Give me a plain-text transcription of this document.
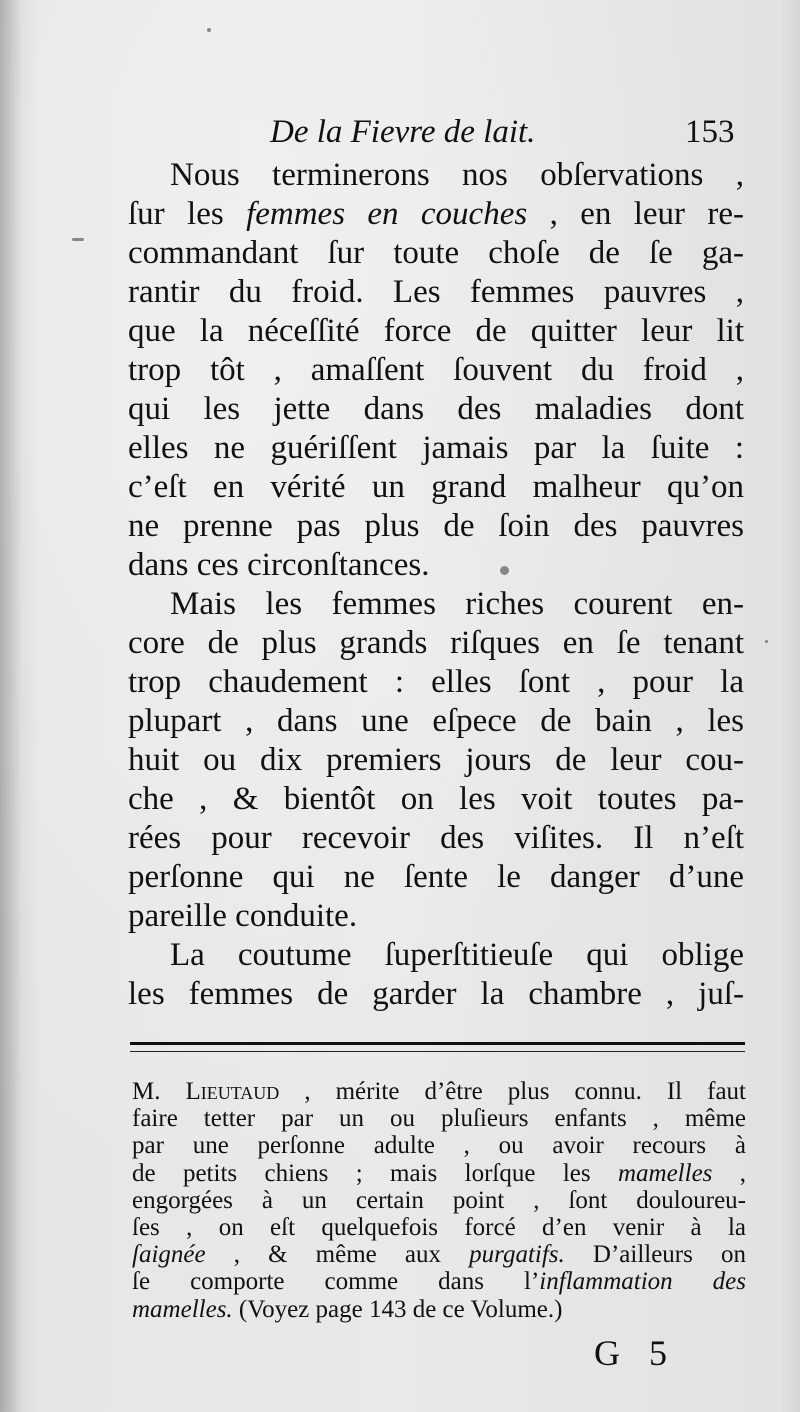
De la Fievre de lait.	153
Nous terminerons nos obſervations ,
ſur les femmes en couches , en leur re-
commandant ſur toute choſe de ſe ga-
rantir du froid. Les femmes pauvres ,
que la néceſſité force de quitter leur lit
trop tôt , amaſſent ſouvent du froid ,
qui les jette dans des maladies dont
elles ne guériſſent jamais par la ſuite :
c’eſt en vérité un grand malheur qu’on
ne prenne pas plus de ſoin des pauvres
dans ces circonſtances.
Mais les femmes riches courent en-
core de plus grands riſques en ſe tenant
trop chaudement : elles ſont , pour la
plupart , dans une eſpece de bain , les
huit ou dix premiers jours de leur cou-
che , & bientôt on les voit toutes pa-
rées pour recevoir des viſites. Il n’eſt
perſonne qui ne ſente le danger d’une
pareille conduite.
La coutume ſuperſtitieuſe qui oblige
les femmes de garder la chambre , juſ-
M. Lieutaud , mérite d’être plus connu. Il faut
faire tetter par un ou pluſieurs enfants , même
par une perſonne adulte , ou avoir recours à
de petits chiens ; mais lorſque les mamelles ,
engorgées à un certain point , ſont douloureu-
ſes , on eſt quelquefois forcé d’en venir à la
ſaignée , & même aux purgatifs. D’ailleurs on
ſe comporte comme dans l’inflammation des
mamelles. (Voyez page 143 de ce Volume.)
G 5
